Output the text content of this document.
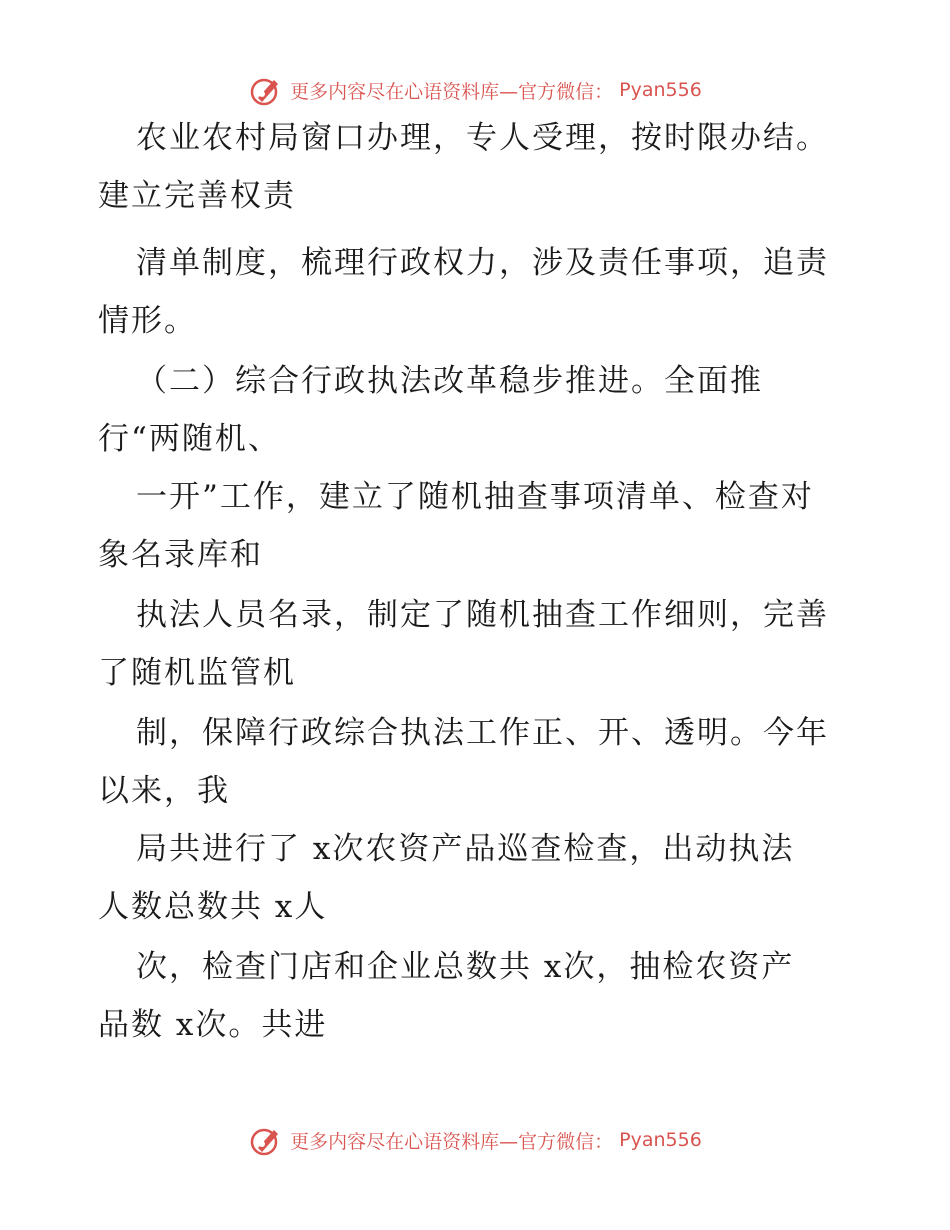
更多内容尽在心语资料库—官方微信： Pyan556
农业农村局窗口办理，专人受理，按时限办结。
建立完善权责
清单制度，梳理行政权力，涉及责任事项，追责
情形。
（二）综合行政执法改革稳步推进。全面推
行“两随机、
一开”工作，建立了随机抽查事项清单、检查对
象名录库和
执法人员名录，制定了随机抽查工作细则，完善
了随机监管机
制，保障行政综合执法工作正、开、透明。今年
以来，我
局共进行了 x次农资产品巡查检查，出动执法
人数总数共 x人
次，检查门店和企业总数共 x次，抽检农资产
品数 x次。共进
更多内容尽在心语资料库—官方微信： Pyan556
